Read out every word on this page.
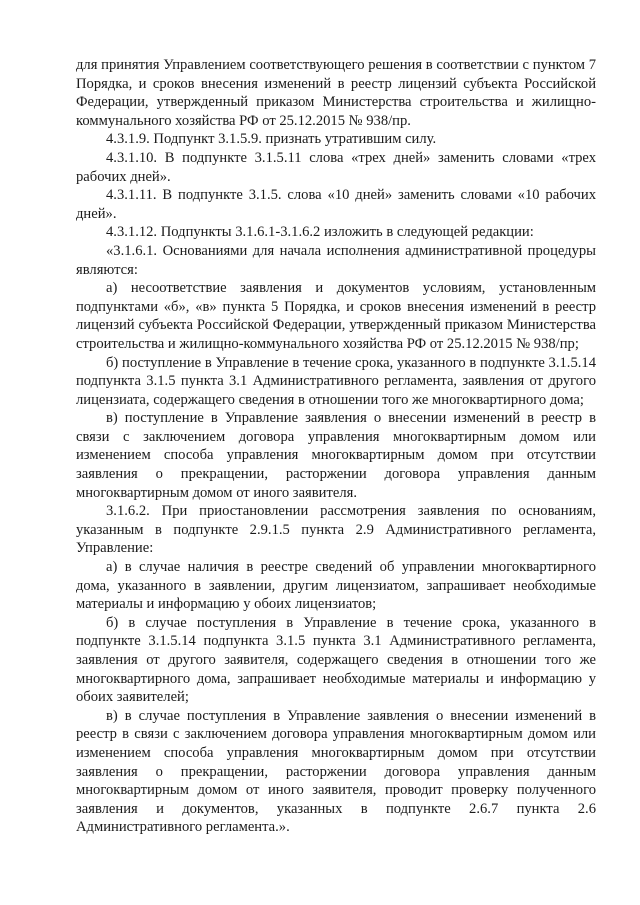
для принятия Управлением соответствующего решения в соответствии с пунктом 7 Порядка, и сроков внесения изменений в реестр лицензий субъекта Российской Федерации, утвержденный приказом Министерства строительства и жилищно-коммунального хозяйства РФ от 25.12.2015 № 938/пр.

4.3.1.9. Подпункт 3.1.5.9. признать утратившим силу.

4.3.1.10. В подпункте 3.1.5.11 слова «трех дней» заменить словами «трех рабочих дней».

4.3.1.11. В подпункте 3.1.5. слова «10 дней» заменить словами «10 рабочих дней».

4.3.1.12. Подпункты 3.1.6.1-3.1.6.2 изложить в следующей редакции:

«3.1.6.1. Основаниями для начала исполнения административной процедуры являются:

а) несоответствие заявления и документов условиям, установленным подпунктами «б», «в» пункта 5 Порядка, и сроков внесения изменений в реестр лицензий субъекта Российской Федерации, утвержденный приказом Министерства строительства и жилищно-коммунального хозяйства РФ от 25.12.2015 № 938/пр;

б) поступление в Управление в течение срока, указанного в подпункте 3.1.5.14 подпункта 3.1.5 пункта 3.1 Административного регламента, заявления от другого лицензиата, содержащего сведения в отношении того же многоквартирного дома;

в) поступление в Управление заявления о внесении изменений в реестр в связи с заключением договора управления многоквартирным домом или изменением способа управления многоквартирным домом при отсутствии заявления о прекращении, расторжении договора управления данным многоквартирным домом от иного заявителя.

3.1.6.2. При приостановлении рассмотрения заявления по основаниям, указанным в подпункте 2.9.1.5 пункта 2.9 Административного регламента, Управление:

а) в случае наличия в реестре сведений об управлении многоквартирного дома, указанного в заявлении, другим лицензиатом, запрашивает необходимые материалы и информацию у обоих лицензиатов;

б) в случае поступления в Управление в течение срока, указанного в подпункте 3.1.5.14 подпункта 3.1.5 пункта 3.1 Административного регламента, заявления от другого заявителя, содержащего сведения в отношении того же многоквартирного дома, запрашивает необходимые материалы и информацию у обоих заявителей;

в) в случае поступления в Управление заявления о внесении изменений в реестр в связи с заключением договора управления многоквартирным домом или изменением способа управления многоквартирным домом при отсутствии заявления о прекращении, расторжении договора управления данным многоквартирным домом от иного заявителя, проводит проверку полученного заявления и документов, указанных в подпункте 2.6.7 пункта 2.6 Административного регламента.».
